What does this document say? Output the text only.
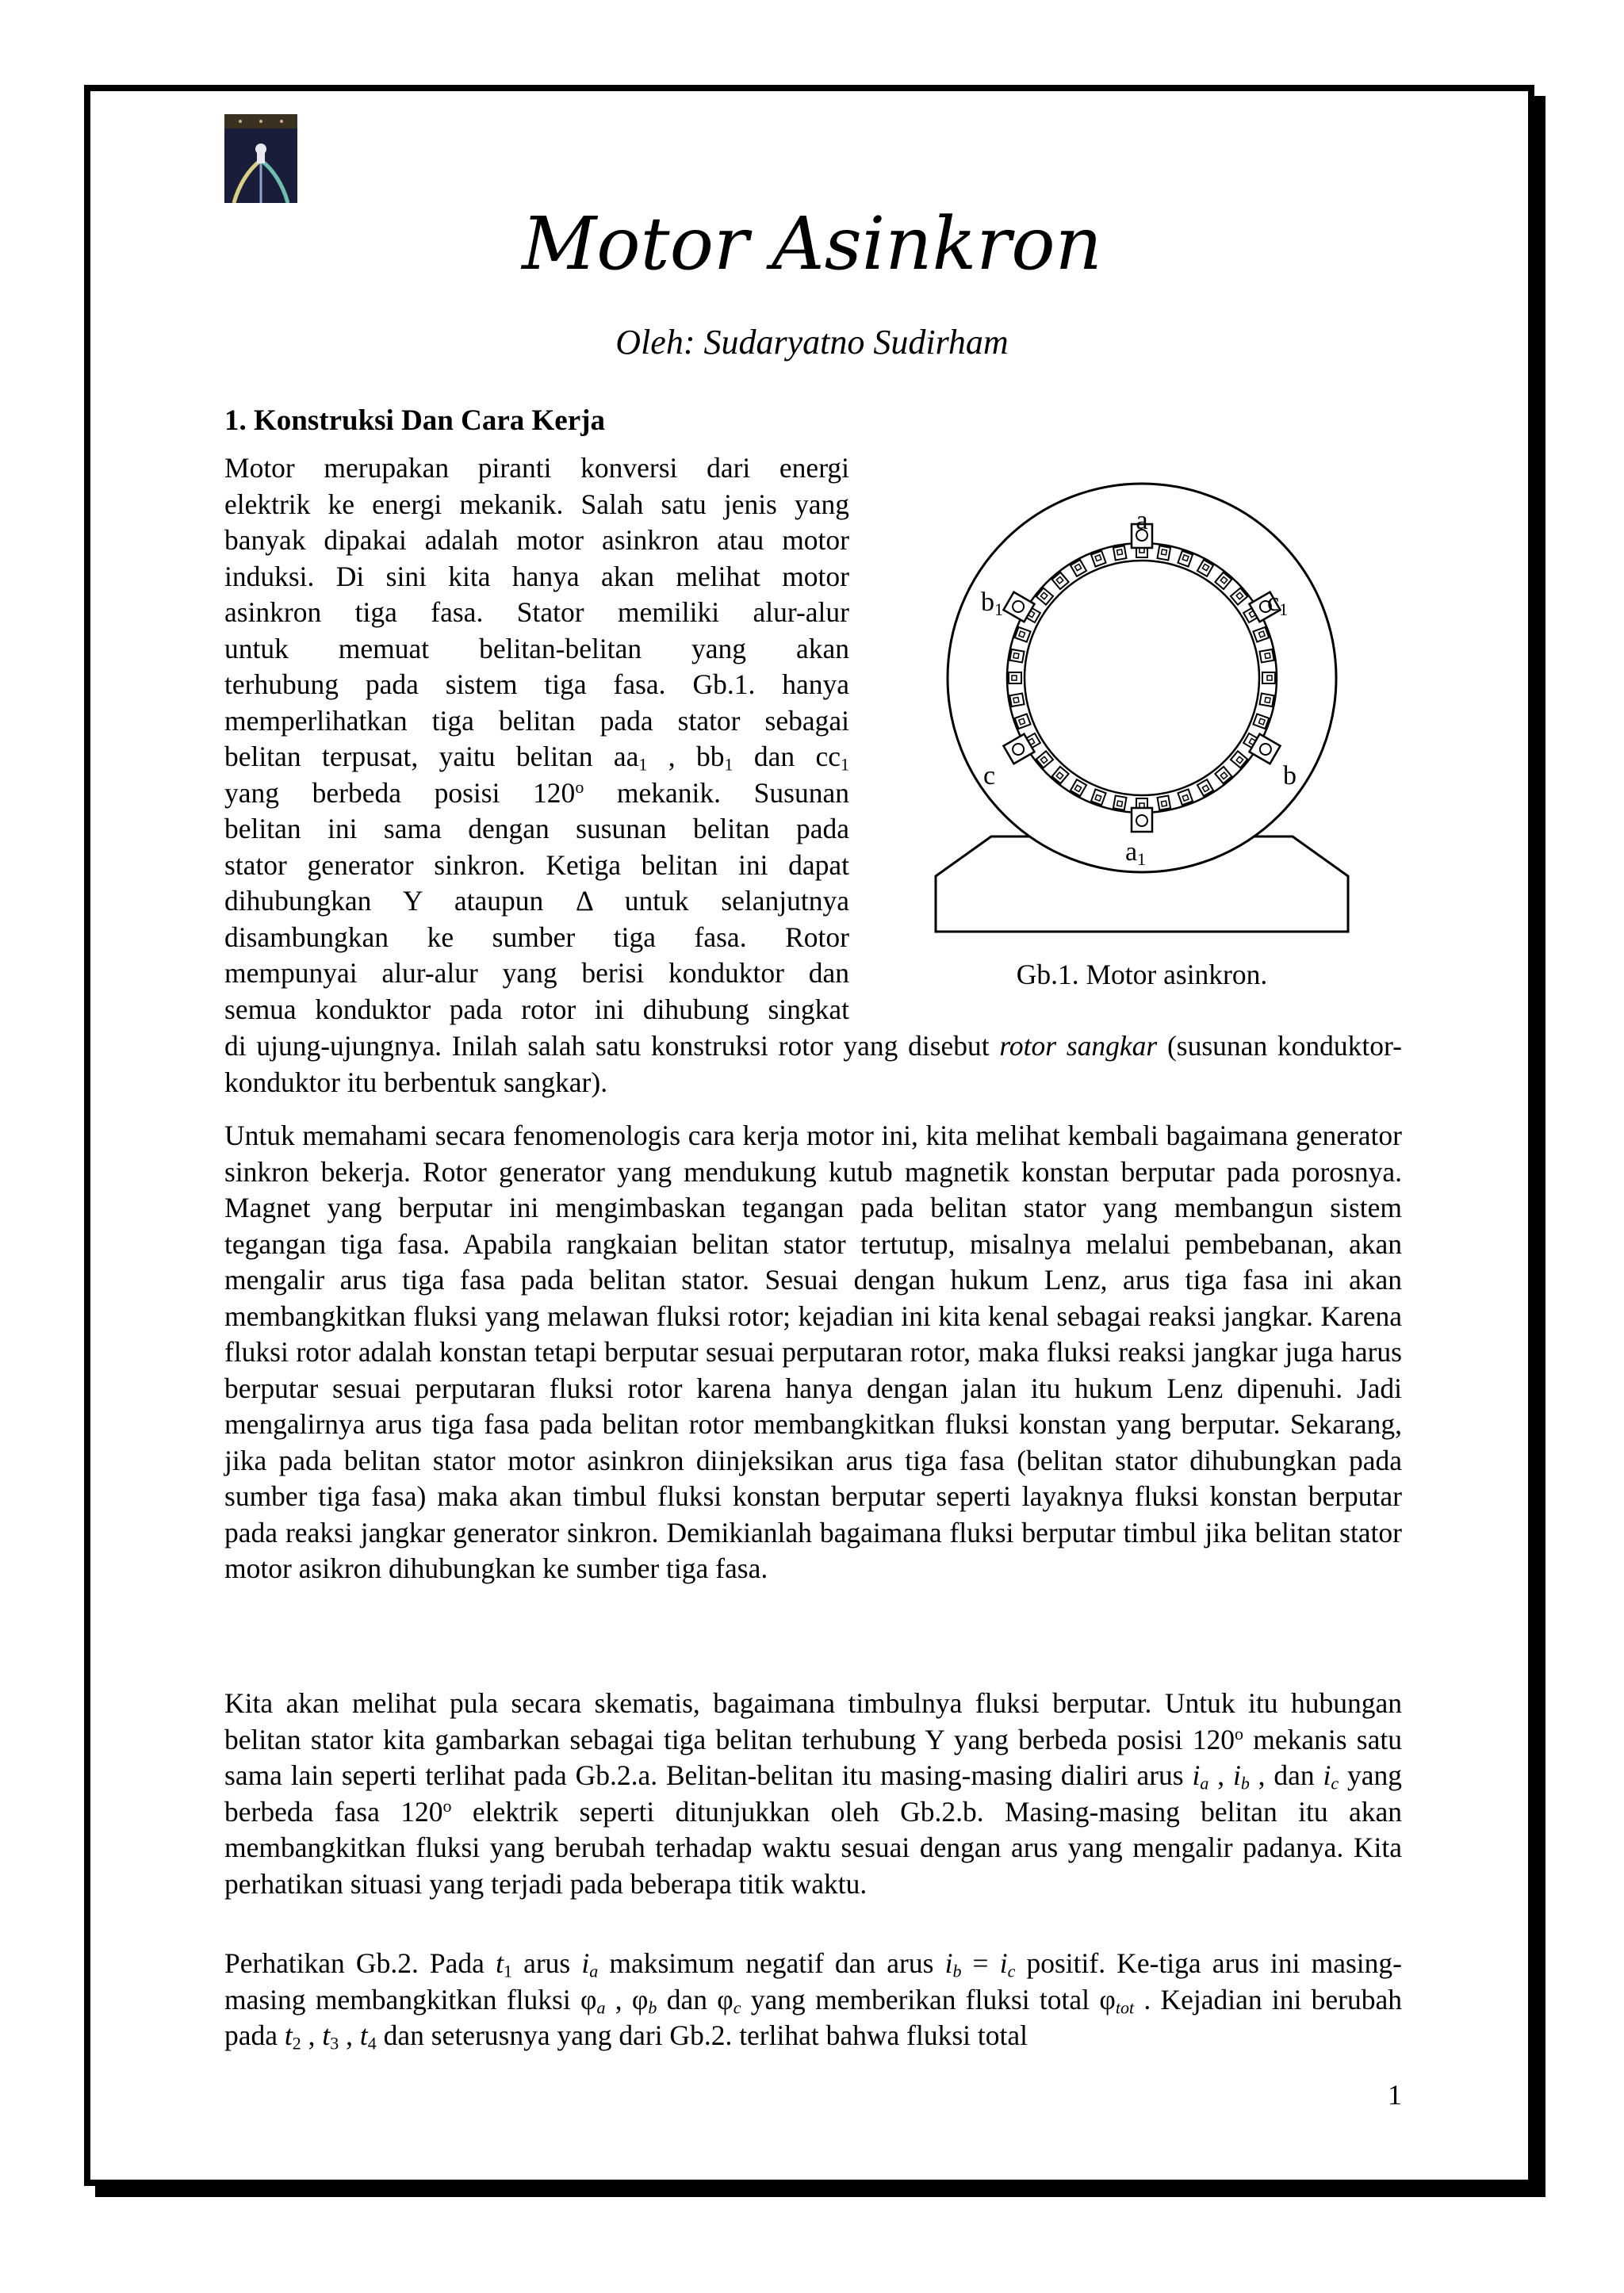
Motor Asinkron
Oleh: Sudaryatno Sudirham
1. Konstruksi Dan Cara Kerja
Motor merupakan piranti konversi dari energi
elektrik ke energi mekanik. Salah satu jenis yang
banyak dipakai adalah motor asinkron atau motor
induksi. Di sini kita hanya akan melihat motor
asinkron tiga fasa. Stator memiliki alur-alur
untuk memuat belitan-belitan yang akan
terhubung pada sistem tiga fasa. Gb.1. hanya
memperlihatkan tiga belitan pada stator sebagai
belitan terpusat, yaitu belitan $aa_1$ , $bb_1$ dan $cc_1$
yang berbeda posisi 120$^o$ mekanik. Susunan
belitan ini sama dengan susunan belitan pada
stator generator sinkron. Ketiga belitan ini dapat
dihubungkan Y ataupun Δ untuk selanjutnya
disambungkan ke sumber tiga fasa. Rotor
mempunyai alur-alur yang berisi konduktor dan
semua konduktor pada rotor ini dihubung singkat
a
a1
b1	c1
c	b
Gb.1. Motor asinkron.

di ujung-ujungnya. Inilah salah satu konstruksi rotor yang disebut rotor sangkar (susunan konduktor-konduktor itu berbentuk sangkar).

Untuk memahami secara fenomenologis cara kerja motor ini, kita melihat kembali bagaimana generator sinkron bekerja. Rotor generator yang mendukung kutub magnetik konstan berputar pada porosnya. Magnet yang berputar ini mengimbaskan tegangan pada belitan stator yang membangun sistem tegangan tiga fasa. Apabila rangkaian belitan stator tertutup, misalnya melalui pembebanan, akan mengalir arus tiga fasa pada belitan stator. Sesuai dengan hukum Lenz, arus tiga fasa ini akan membangkitkan fluksi yang melawan fluksi rotor; kejadian ini kita kenal sebagai reaksi jangkar. Karena fluksi rotor adalah konstan tetapi berputar sesuai perputaran rotor, maka fluksi reaksi jangkar juga harus berputar sesuai perputaran fluksi rotor karena hanya dengan jalan itu hukum Lenz dipenuhi. Jadi mengalirnya arus tiga fasa pada belitan rotor membangkitkan fluksi konstan yang berputar. Sekarang, jika pada belitan stator motor asinkron diinjeksikan arus tiga fasa (belitan stator dihubungkan pada sumber tiga fasa) maka akan timbul fluksi konstan berputar seperti layaknya fluksi konstan berputar pada reaksi jangkar generator sinkron. Demikianlah bagaimana fluksi berputar timbul jika belitan stator motor asikron dihubungkan ke sumber tiga fasa.

Kita akan melihat pula secara skematis, bagaimana timbulnya fluksi berputar. Untuk itu hubungan belitan stator kita gambarkan sebagai tiga belitan terhubung Y yang berbeda posisi 120$^o$ mekanis satu sama lain seperti terlihat pada Gb.2.a. Belitan-belitan itu masing-masing dialiri arus $i_a$ , $i_b$ , dan $i_c$ yang berbeda fasa 120$^o$ elektrik seperti ditunjukkan oleh Gb.2.b. Masing-masing belitan itu akan membangkitkan fluksi yang berubah terhadap waktu sesuai dengan arus yang mengalir padanya. Kita perhatikan situasi yang terjadi pada beberapa titik waktu.

Perhatikan Gb.2. Pada $t_1$ arus $i_a$ maksimum negatif dan arus $i_b = i_c$ positif. Ke-tiga arus ini masing-masing membangkitkan fluksi $\varphi_a$ , $\varphi_b$ dan $\varphi_c$ yang memberikan fluksi total $\varphi_{tot}$ . Kejadian ini berubah pada $t_2$ , $t_3$ , $t_4$ dan seterusnya yang dari Gb.2. terlihat bahwa fluksi total

1
